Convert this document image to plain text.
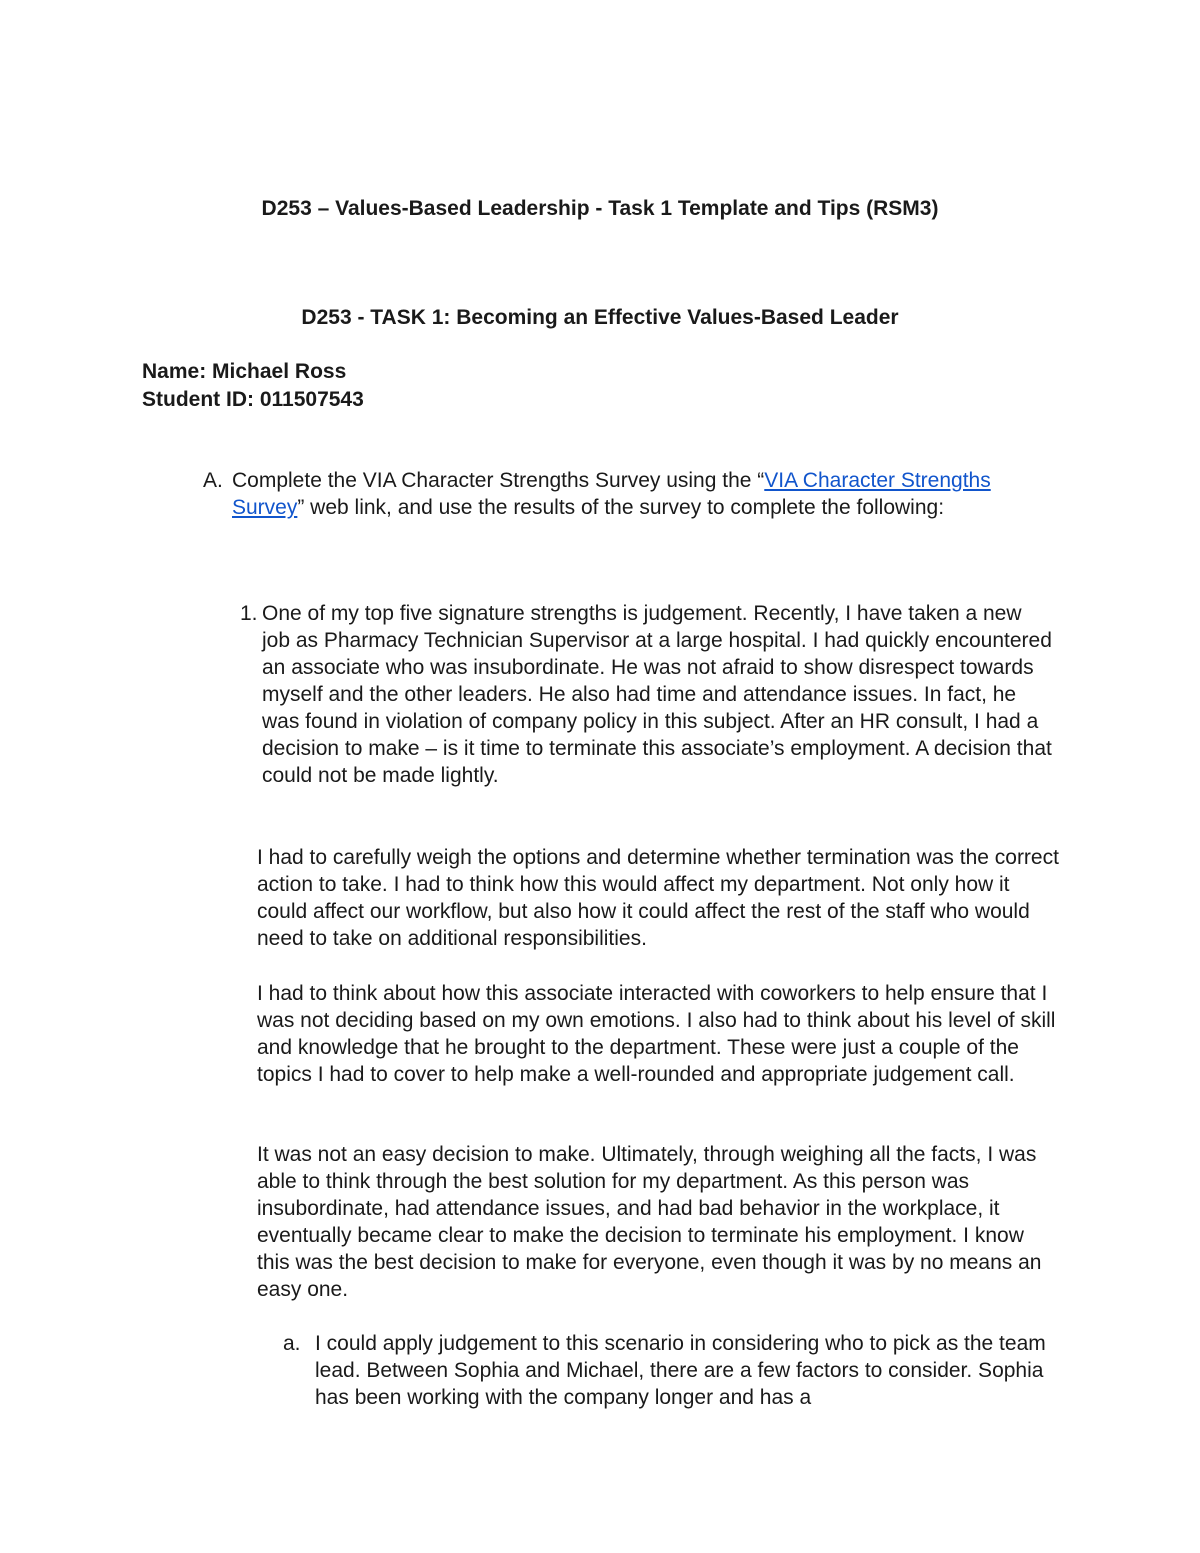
D253 – Values-Based Leadership - Task 1 Template and Tips (RSM3)
D253 - TASK 1: Becoming an Effective Values-Based Leader
Name: Michael Ross
Student ID: 011507543
A. Complete the VIA Character Strengths Survey using the “VIA Character Strengths Survey” web link, and use the results of the survey to complete the following:
1. One of my top five signature strengths is judgement. Recently, I have taken a new job as Pharmacy Technician Supervisor at a large hospital. I had quickly encountered an associate who was insubordinate. He was not afraid to show disrespect towards myself and the other leaders. He also had time and attendance issues. In fact, he was found in violation of company policy in this subject. After an HR consult, I had a decision to make – is it time to terminate this associate’s employment. A decision that could not be made lightly.

I had to carefully weigh the options and determine whether termination was the correct action to take. I had to think how this would affect my department. Not only how it could affect our workflow, but also how it could affect the rest of the staff who would need to take on additional responsibilities.

I had to think about how this associate interacted with coworkers to help ensure that I was not deciding based on my own emotions. I also had to think about his level of skill and knowledge that he brought to the department. These were just a couple of the topics I had to cover to help make a well-rounded and appropriate judgement call.

It was not an easy decision to make. Ultimately, through weighing all the facts, I was able to think through the best solution for my department. As this person was insubordinate, had attendance issues, and had bad behavior in the workplace, it eventually became clear to make the decision to terminate his employment. I know this was the best decision to make for everyone, even though it was by no means an easy one.

a. I could apply judgement to this scenario in considering who to pick as the team lead. Between Sophia and Michael, there are a few factors to consider. Sophia has been working with the company longer and has a
